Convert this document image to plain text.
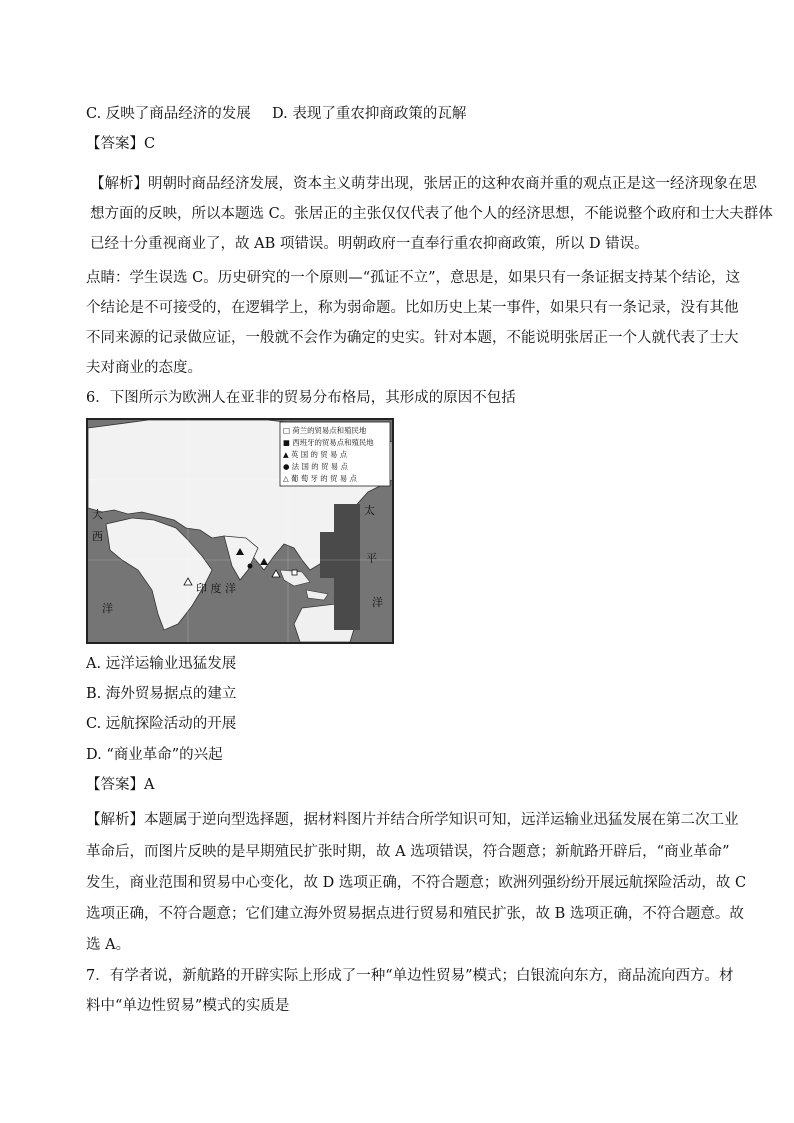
C. 反映了商品经济的发展 D. 表现了重农抑商政策的瓦解
【答案】C
【解析】明朝时商品经济发展，资本主义萌芽出现，张居正的这种农商并重的观点正是这一经济现象在思
想方面的反映，所以本题选 C。张居正的主张仅仅代表了他个人的经济思想，不能说整个政府和士大夫群体
已经十分重视商业了，故 AB 项错误。明朝政府一直奉行重农抑商政策，所以 D 错误。
点睛：学生误选 C。历史研究的一个原则—“孤证不立”，意思是，如果只有一条证据支持某个结论，这
个结论是不可接受的，在逻辑学上，称为弱命题。比如历史上某一事件，如果只有一条记录，没有其他
不同来源的记录做应证，一般就不会作为确定的史实。针对本题，不能说明张居正一个人就代表了士大
夫对商业的态度。
6．下图所示为欧洲人在亚非的贸易分布格局，其形成的原因不包括
□ 荷兰的贸易点和殖民地
■ 西班牙的贸易点和殖民地
▲ 英 国 的 贸 易 点
● 法 国 的 贸 易 点
△ 葡 萄 牙 的 贸 易 点
大
西
洋
印 度 洋
太
平
洋
A. 远洋运输业迅猛发展
B. 海外贸易据点的建立
C. 远航探险活动的开展
D. “商业革命”的兴起
【答案】A
【解析】本题属于逆向型选择题，据材料图片并结合所学知识可知，远洋运输业迅猛发展在第二次工业
革命后，而图片反映的是早期殖民扩张时期，故 A 选项错误，符合题意；新航路开辟后，“商业革命”
发生，商业范围和贸易中心变化，故 D 选项正确，不符合题意；欧洲列强纷纷开展远航探险活动，故 C
选项正确，不符合题意；它们建立海外贸易据点进行贸易和殖民扩张，故 B 选项正确，不符合题意。故
选 A。
7．有学者说，新航路的开辟实际上形成了一种“单边性贸易”模式；白银流向东方，商品流向西方。材
料中“单边性贸易”模式的实质是
